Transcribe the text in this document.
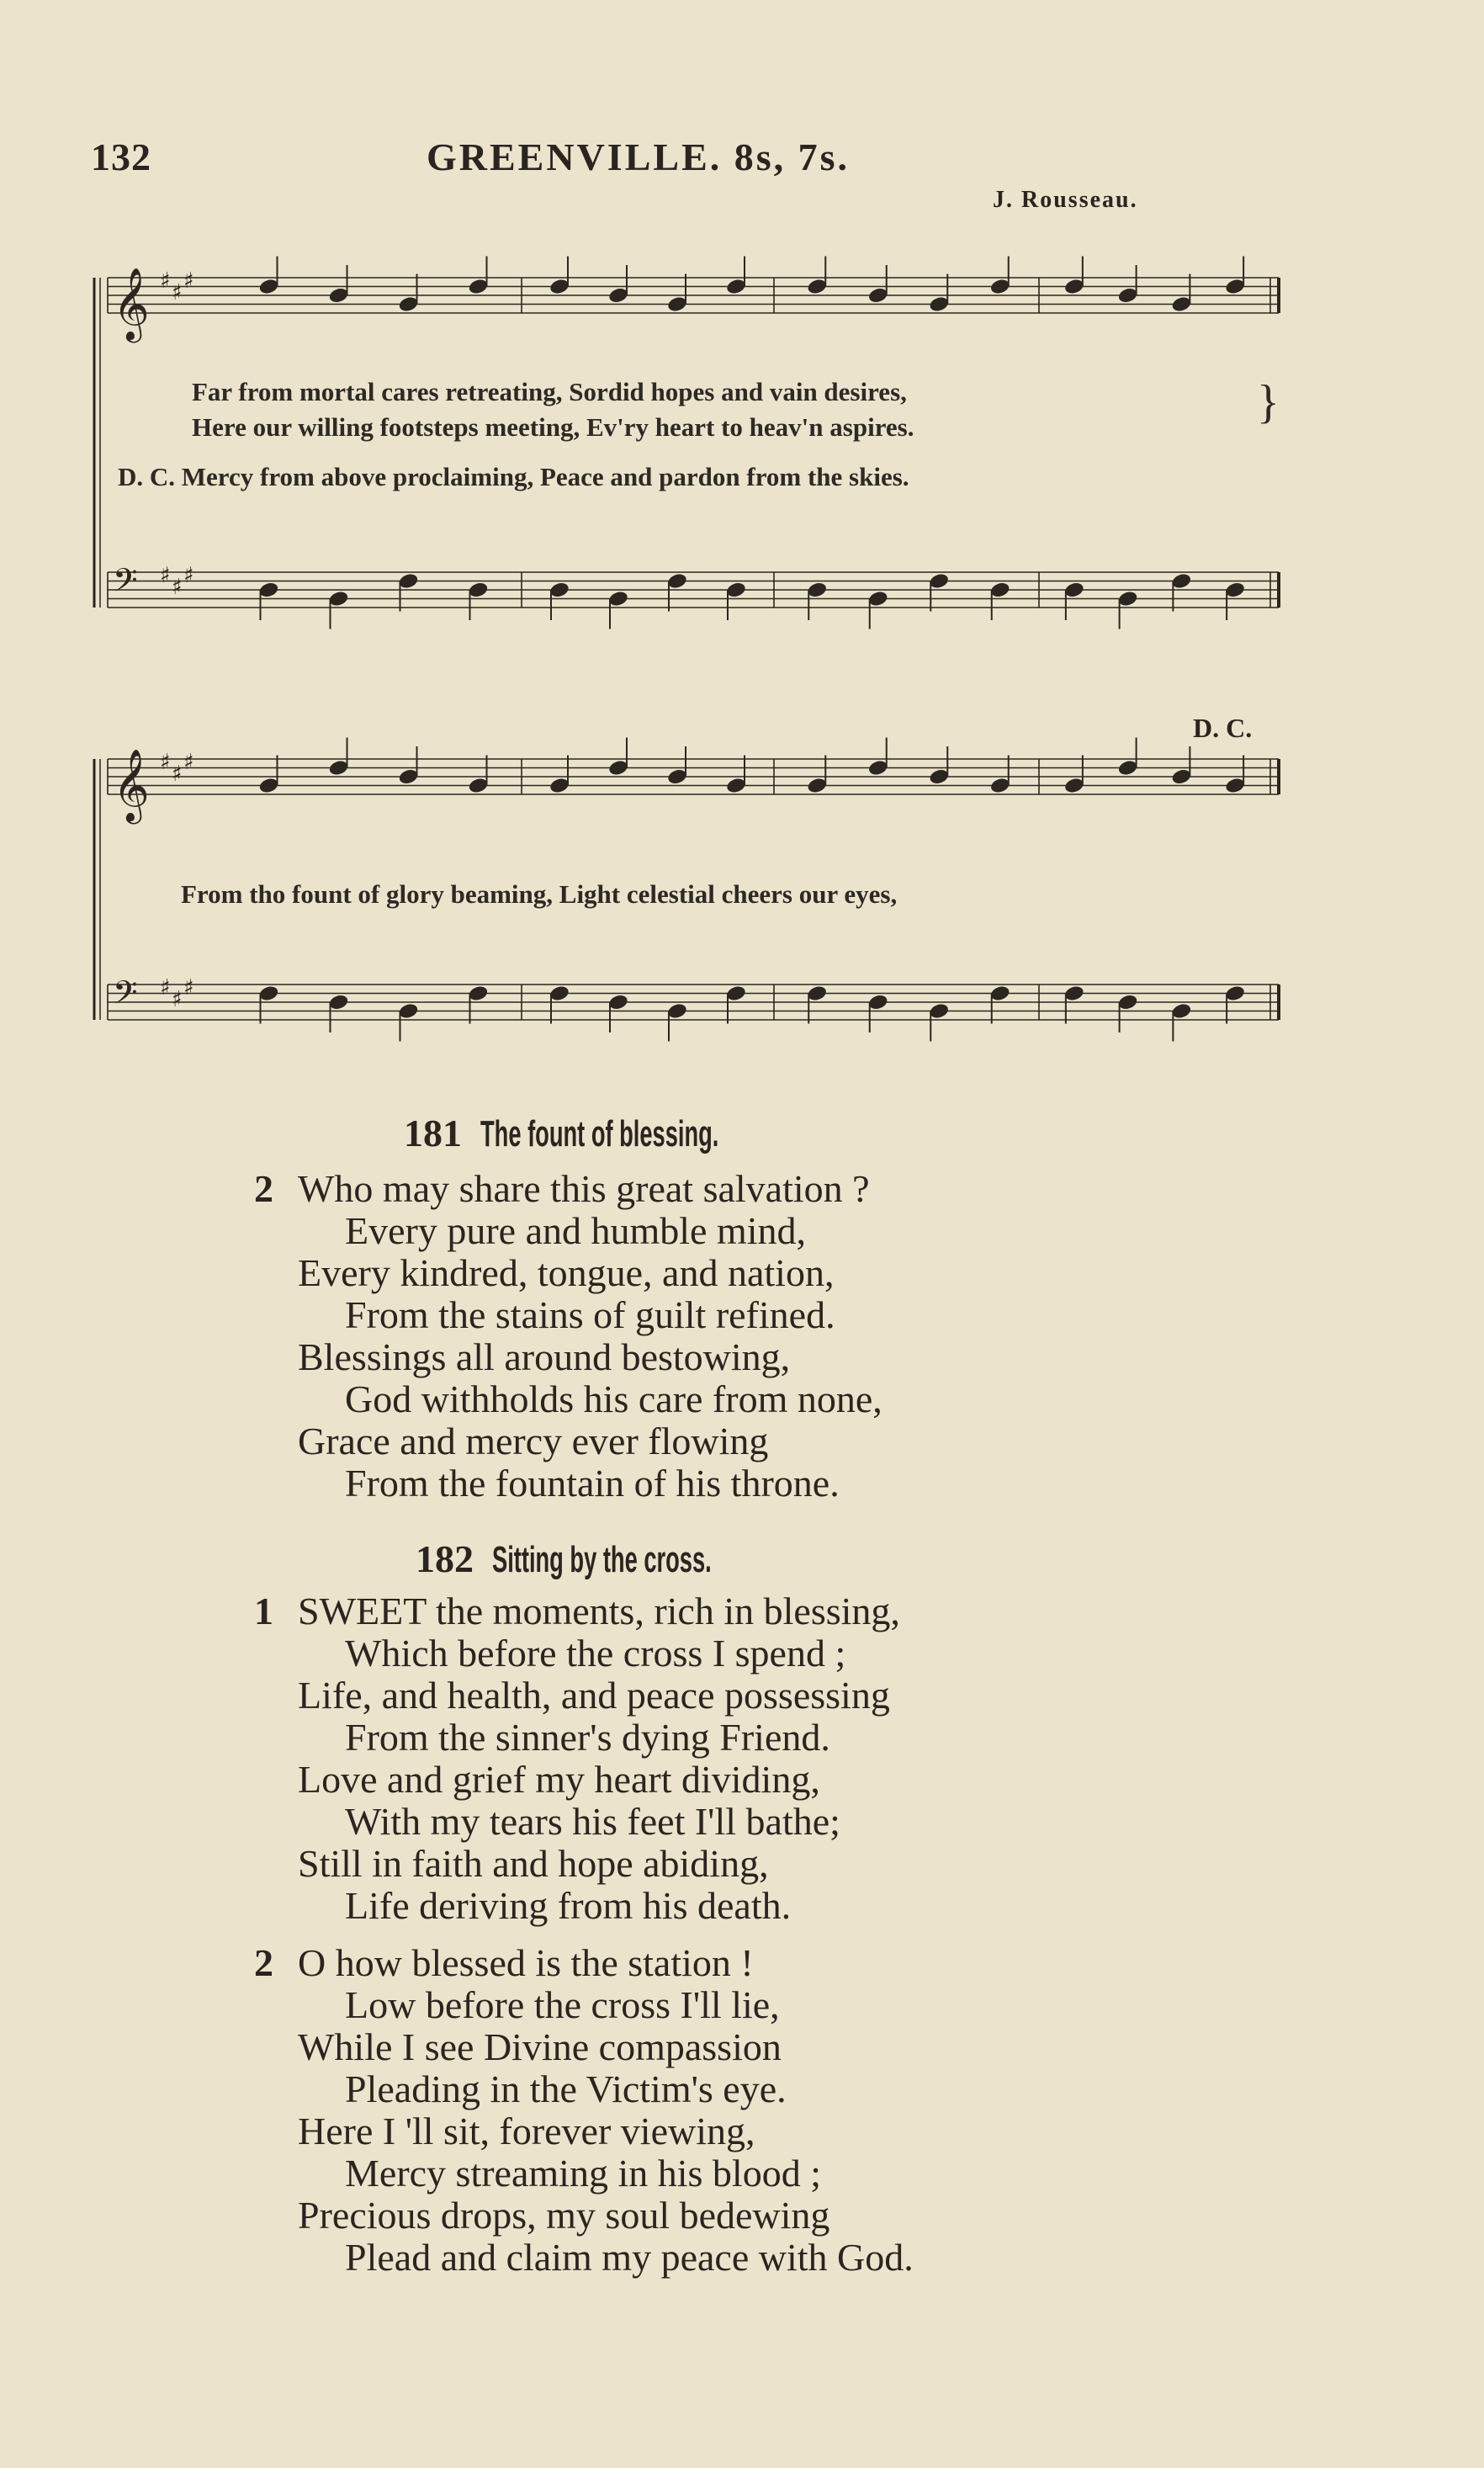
132	GREENVILLE. 8s, 7s.
J. Rousseau.
𝄞 ♯ ♯ ♯
𝄢 ♯ ♯ ♯
𝄞 ♯ ♯ ♯
𝄢 ♯ ♯ ♯
Far from mortal cares retreating, Sordid hopes and vain desires,
Here our willing footsteps meeting, Ev'ry heart to heav'n aspires.	}
D. C. Mercy from above proclaiming, Peace and pardon from the skies.
D. C.
From tho fount of glory beaming, Light celestial cheers our eyes,
181 The fount of blessing.
2 Who may share this great salvation ?
Every pure and humble mind,
Every kindred, tongue, and nation,
From the stains of guilt refined.
Blessings all around bestowing,
God withholds his care from none,
Grace and mercy ever flowing
From the fountain of his throne.
182 Sitting by the cross.
1 SWEET the moments, rich in blessing,
Which before the cross I spend ;
Life, and health, and peace possessing
From the sinner's dying Friend.
Love and grief my heart dividing,
With my tears his feet I'll bathe;
Still in faith and hope abiding,
Life deriving from his death.
2 O how blessed is the station !
Low before the cross I'll lie,
While I see Divine compassion
Pleading in the Victim's eye.
Here I 'll sit, forever viewing,
Mercy streaming in his blood ;
Precious drops, my soul bedewing
Plead and claim my peace with God.
